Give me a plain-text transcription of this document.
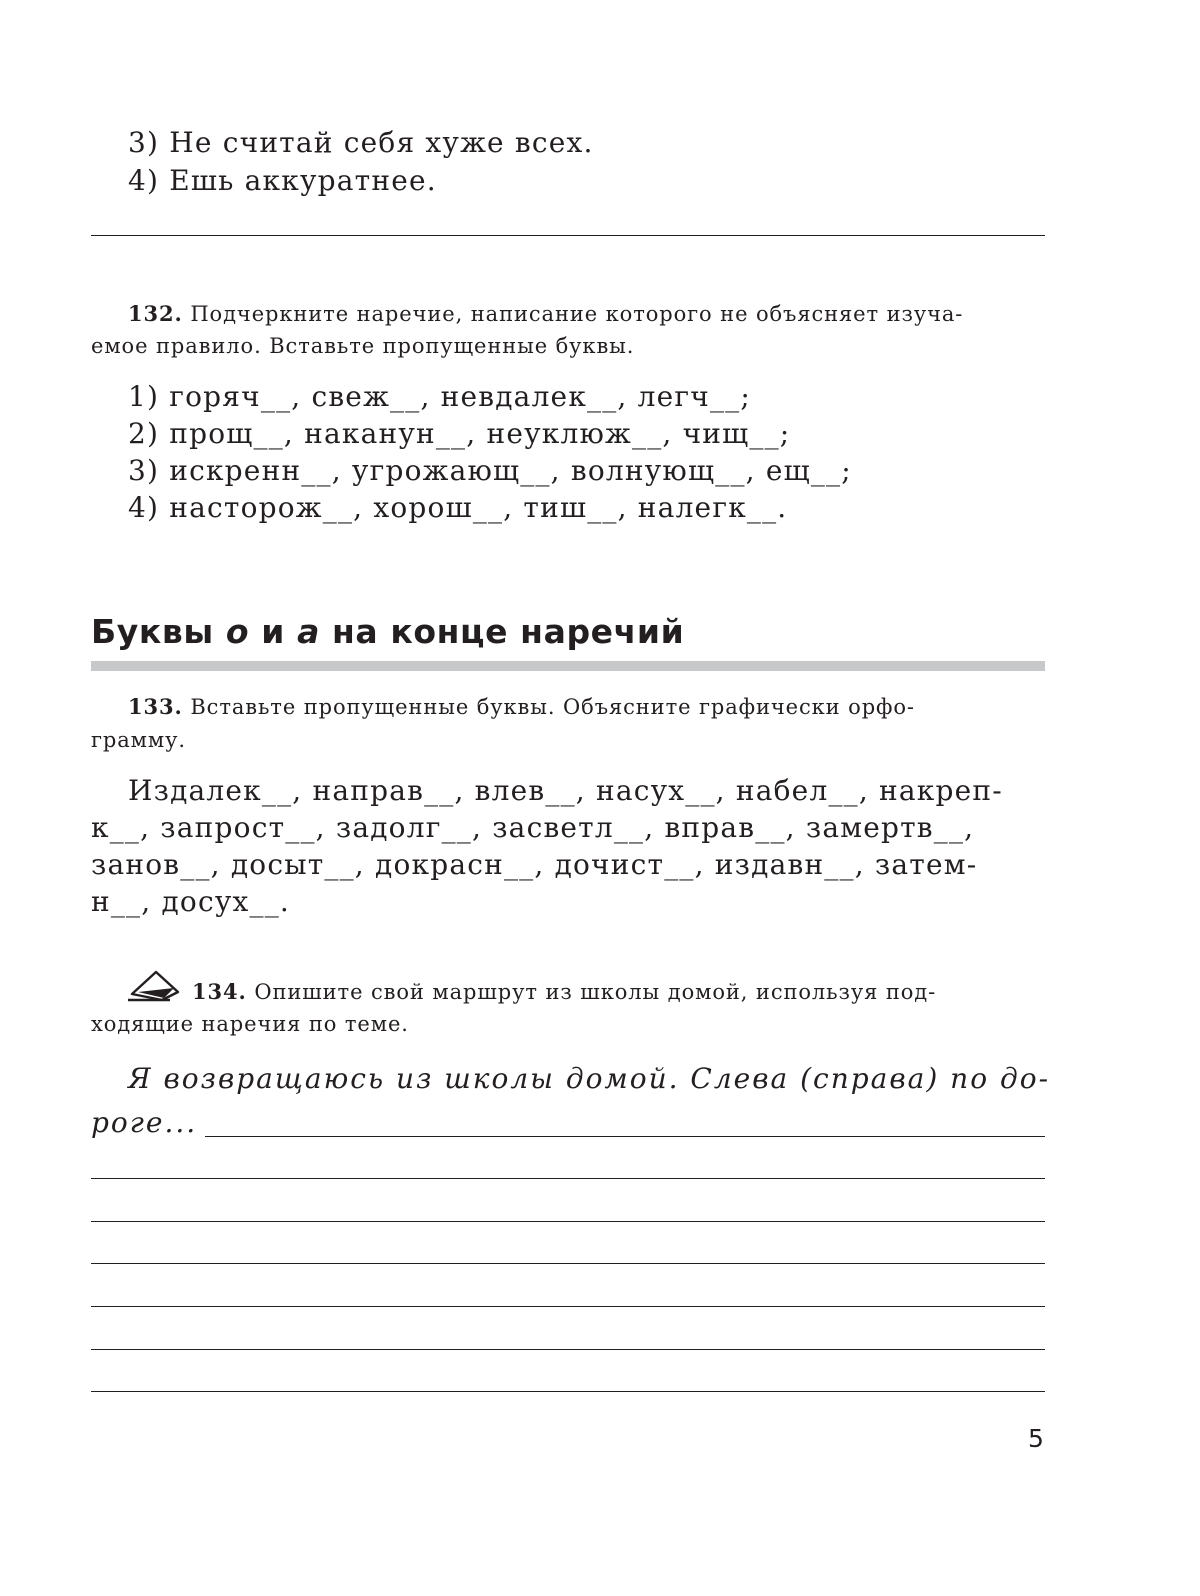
3) Не считай себя хуже всех.
4) Ешь аккуратнее.
132. Подчеркните наречие, написание которого не объясняет изуча-
емое правило. Вставьте пропущенные буквы.
1) горяч__, свеж__, невдалек__, легч__;
2) прощ__, наканун__, неуклюж__, чищ__;
3) искренн__, угрожающ__, волнующ__, ещ__;
4) насторож__, хорош__, тиш__, налегк__.
Буквы о и а на конце наречий
133. Вставьте пропущенные буквы. Объясните графически орфо-
грамму.
Издалек__, направ__, влев__, насух__, набел__, накреп-
к__, запрост__, задолг__, засветл__, вправ__, замертв__,
занов__, досыт__, докрасн__, дочист__, издавн__, затем-
н__, досух__.
134. Опишите свой маршрут из школы домой, используя под-
ходящие наречия по теме.
Я возвращаюсь из школы домой. Слева (справа) по до-
роге...
5
